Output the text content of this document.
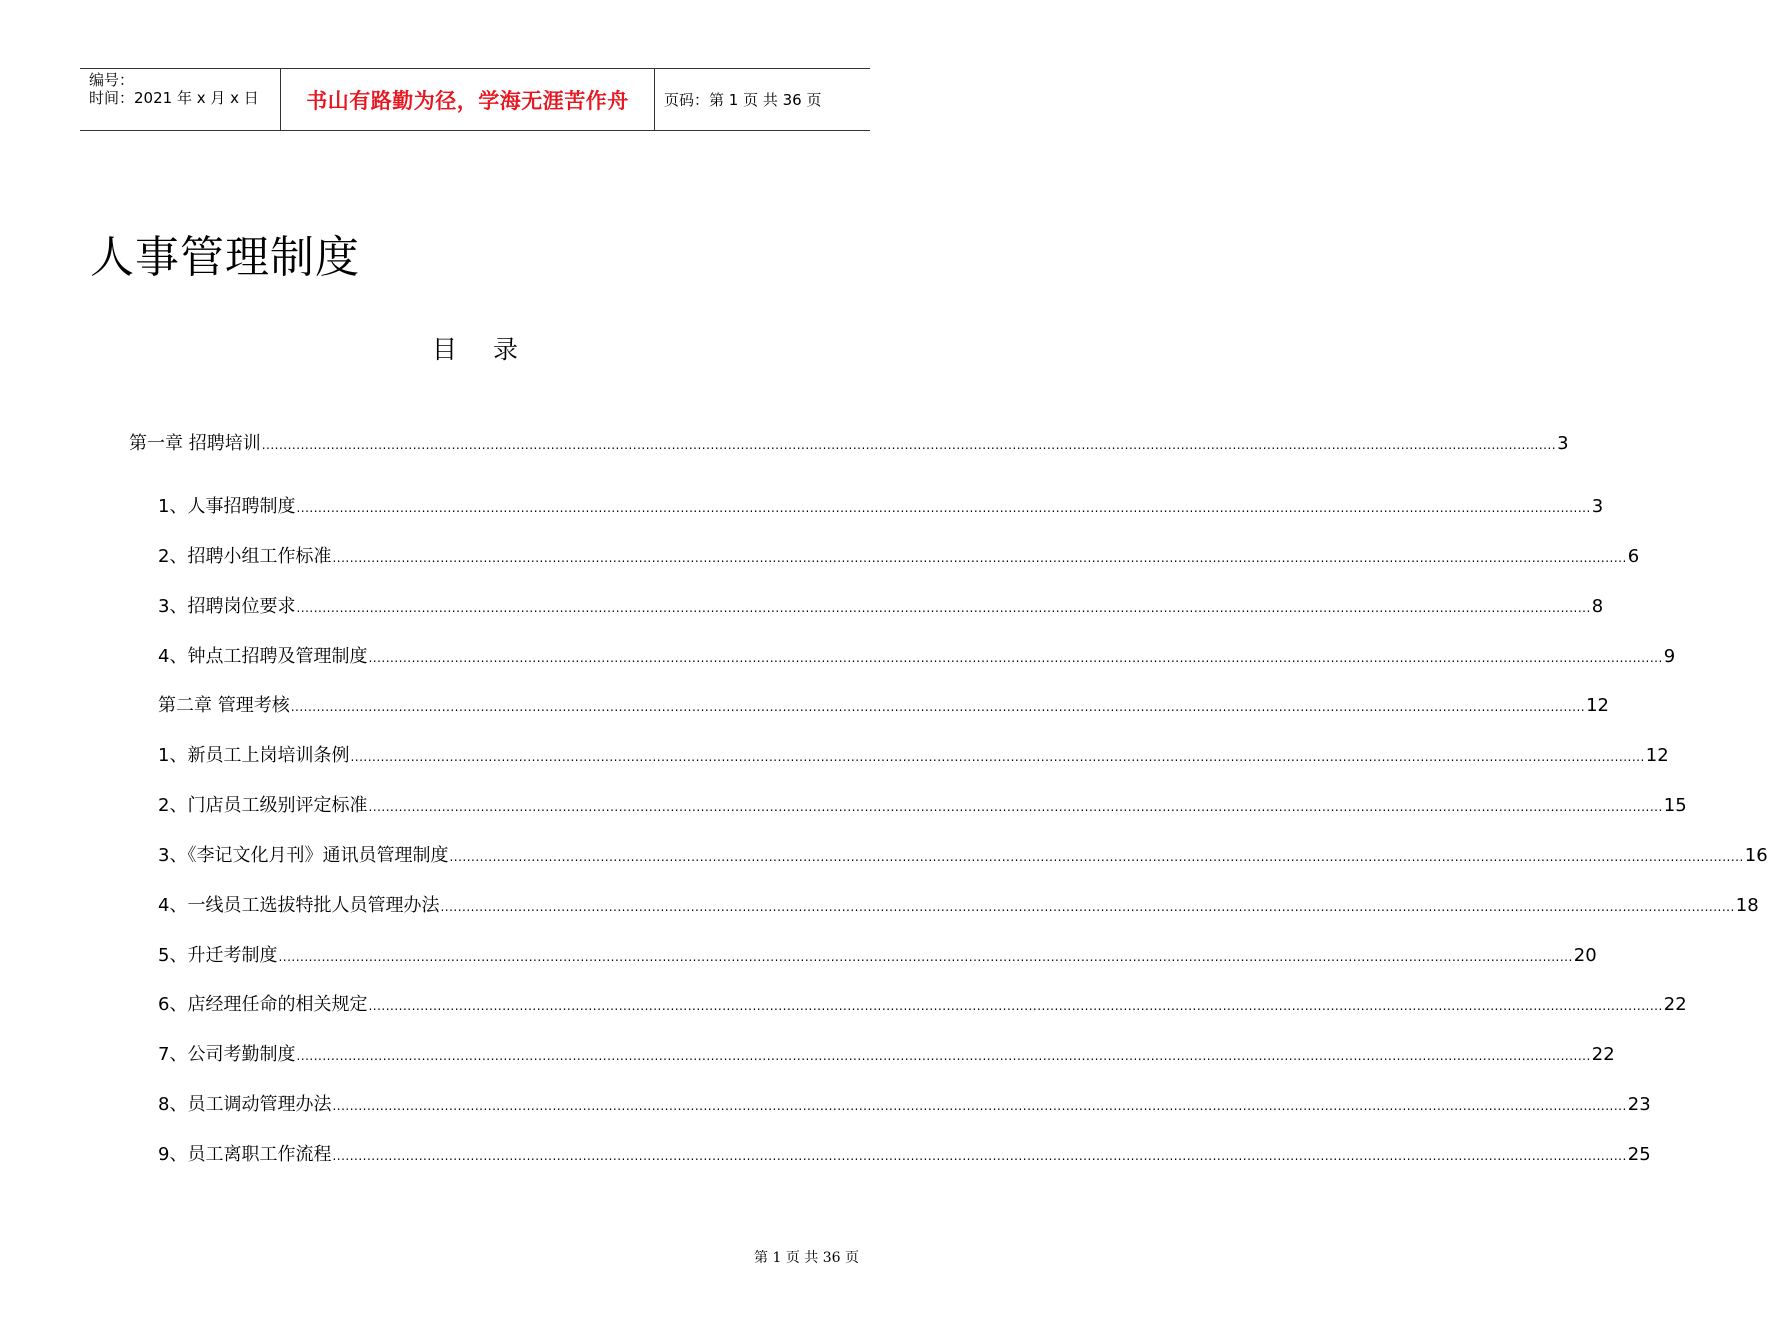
编号：
时间：2021 年 x 月 x 日	书山有路勤为径，学海无涯苦作舟	页码：第 1 页 共 36 页
人事管理制度
目 录
第一章 招聘培训 ............................................................................................................................................................................................................................................................................................................ 3
1、人事招聘制度 ............................................................................................................................................................................................................................................................................................................ 3
2、招聘小组工作标准 ............................................................................................................................................................................................................................................................................................................ 6
3、招聘岗位要求 ............................................................................................................................................................................................................................................................................................................ 8
4、钟点工招聘及管理制度 ............................................................................................................................................................................................................................................................................................................ 9
第二章 管理考核 ............................................................................................................................................................................................................................................................................................................ 12
1、新员工上岗培训条例 ............................................................................................................................................................................................................................................................................................................ 12
2、门店员工级别评定标准 ............................................................................................................................................................................................................................................................................................................ 15
3、《李记文化月刊》通讯员管理制度 ............................................................................................................................................................................................................................................................................................................ 16
4、一线员工选拔特批人员管理办法 ............................................................................................................................................................................................................................................................................................................ 18
5、升迁考制度 ............................................................................................................................................................................................................................................................................................................ 20
6、店经理任命的相关规定 ............................................................................................................................................................................................................................................................................................................ 22
7、公司考勤制度 ............................................................................................................................................................................................................................................................................................................ 22
8、员工调动管理办法 ............................................................................................................................................................................................................................................................................................................ 23
9、员工离职工作流程 ............................................................................................................................................................................................................................................................................................................ 25
第 1 页 共 36 页
